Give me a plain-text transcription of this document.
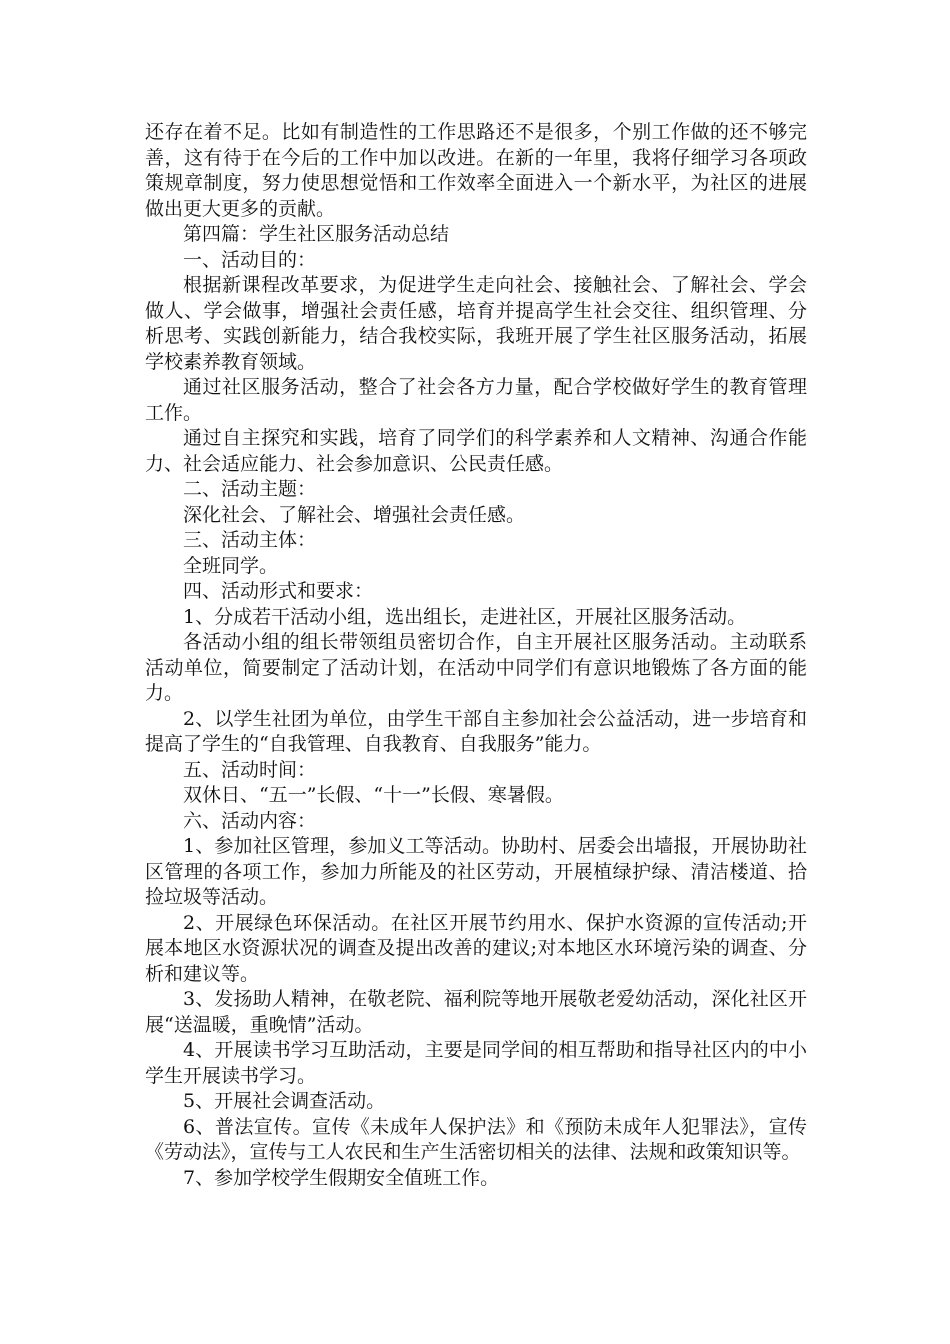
还存在着不足。比如有制造性的工作思路还不是很多，个别工作做的还不够完善，这有待于在今后的工作中加以改进。在新的一年里，我将仔细学习各项政策规章制度，努力使思想觉悟和工作效率全面进入一个新水平，为社区的进展做出更大更多的贡献。

第四篇：学生社区服务活动总结

一、活动目的：

根据新课程改革要求，为促进学生走向社会、接触社会、了解社会、学会做人、学会做事，增强社会责任感，培育并提高学生社会交往、组织管理、分析思考、实践创新能力，结合我校实际，我班开展了学生社区服务活动，拓展学校素养教育领域。

通过社区服务活动，整合了社会各方力量，配合学校做好学生的教育管理工作。

通过自主探究和实践，培育了同学们的科学素养和人文精神、沟通合作能力、社会适应能力、社会参加意识、公民责任感。

二、活动主题：

深化社会、了解社会、增强社会责任感。

三、活动主体：

全班同学。

四、活动形式和要求：

1、分成若干活动小组，选出组长，走进社区，开展社区服务活动。

各活动小组的组长带领组员密切合作，自主开展社区服务活动。主动联系活动单位，简要制定了活动计划，在活动中同学们有意识地锻炼了各方面的能力。

2、以学生社团为单位，由学生干部自主参加社会公益活动，进一步培育和提高了学生的“自我管理、自我教育、自我服务”能力。

五、活动时间：

双休日、“五一”长假、“十一”长假、寒暑假。

六、活动内容：

1、参加社区管理，参加义工等活动。协助村、居委会出墙报，开展协助社区管理的各项工作，参加力所能及的社区劳动，开展植绿护绿、清洁楼道、拾捡垃圾等活动。

2、开展绿色环保活动。在社区开展节约用水、保护水资源的宣传活动;开展本地区水资源状况的调查及提出改善的建议;对本地区水环境污染的调查、分析和建议等。

3、发扬助人精神，在敬老院、福利院等地开展敬老爱幼活动，深化社区开展“送温暖，重晚情”活动。

4、开展读书学习互助活动，主要是同学间的相互帮助和指导社区内的中小学生开展读书学习。

5、开展社会调查活动。

6、普法宣传。宣传《未成年人保护法》和《预防未成年人犯罪法》，宣传《劳动法》，宣传与工人农民和生产生活密切相关的法律、法规和政策知识等。

7、参加学校学生假期安全值班工作。
